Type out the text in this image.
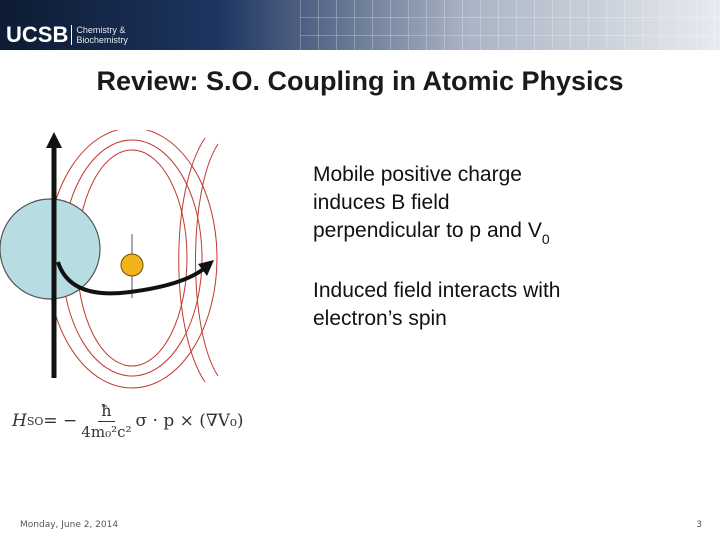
UCSB Chemistry &
Biochemistry
Review: S.O. Coupling in Atomic Physics

Mobile positive charge
induces B field
perpendicular to p and $V_0$

Induced field interacts with
electron’s spin

H SO = − $\frac{ħ}{\text{4m₀²c²}}$ σ · p × (∇V₀)
Monday, June 2, 2014	3
